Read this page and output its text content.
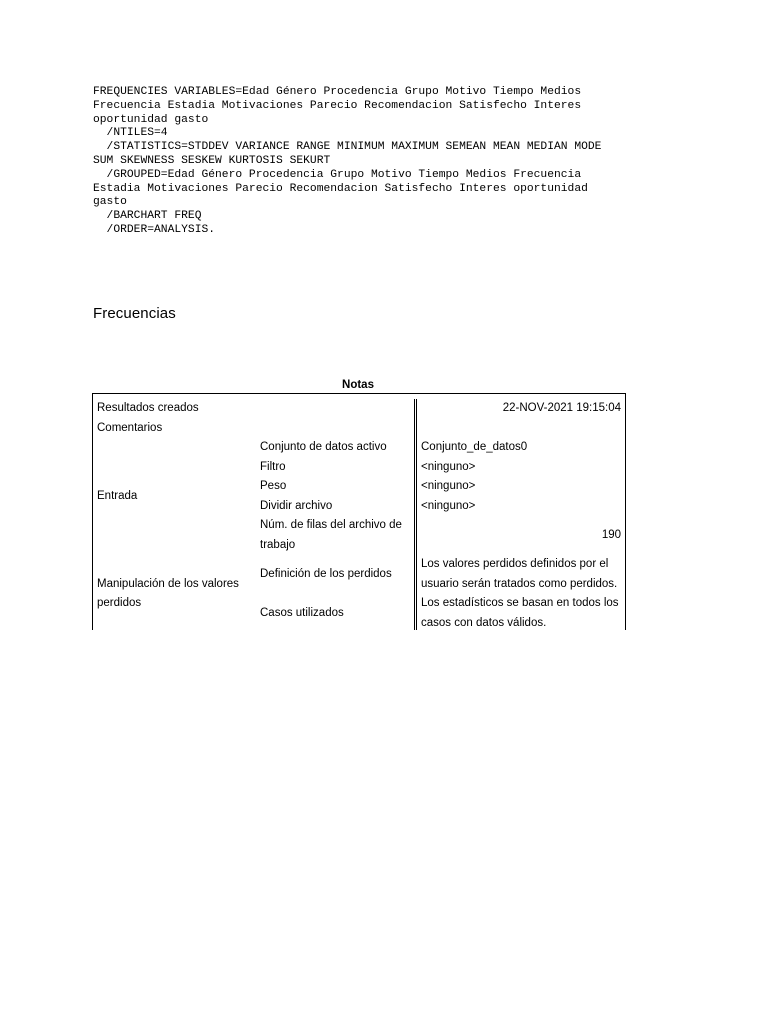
FREQUENCIES VARIABLES=Edad Género Procedencia Grupo Motivo Tiempo Medios
Frecuencia Estadia Motivaciones Parecio Recomendacion Satisfecho Interes
oportunidad gasto
/NTILES=4
/STATISTICS=STDDEV VARIANCE RANGE MINIMUM MAXIMUM SEMEAN MEAN MEDIAN MODE
SUM SKEWNESS SESKEW KURTOSIS SEKURT
/GROUPED=Edad Género Procedencia Grupo Motivo Tiempo Medios Frecuencia
Estadia Motivaciones Parecio Recomendacion Satisfecho Interes oportunidad
gasto
/BARCHART FREQ
/ORDER=ANALYSIS.
Frecuencias
Notas
Resultados creados		22-NOV-2021 19:15:04
Comentarios		
Entrada	Conjunto de datos activo	Conjunto_de_datos0
	Filtro	<ninguno>
	Peso	<ninguno>
	Dividir archivo	<ninguno>
	Núm. de filas del archivo de trabajo	190

Manipulación de los valores perdidos	Definición de los perdidos	Los valores perdidos definidos por el usuario serán tratados como perdidos.

	Casos utilizados	Los estadísticos se basan en todos los casos con datos válidos.
